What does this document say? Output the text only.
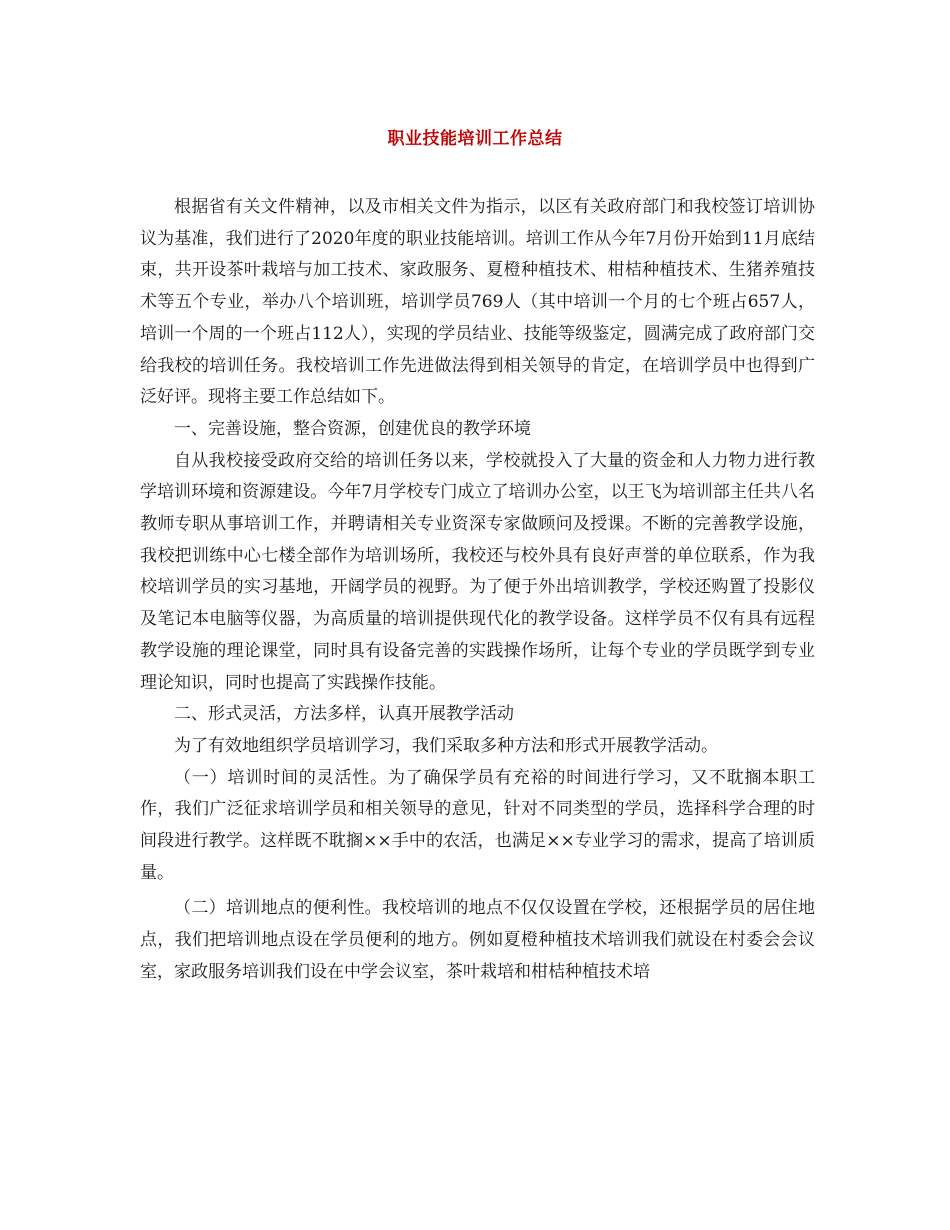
职业技能培训工作总结

根据省有关文件精神，以及市相关文件为指示，以区有关政府部门和我校签订培训协议为基准，我们进行了2020年度的职业技能培训。培训工作从今年7月份开始到11月底结束，共开设茶叶栽培与加工技术、家政服务、夏橙种植技术、柑桔种植技术、生猪养殖技术等五个专业，举办八个培训班，培训学员769人（其中培训一个月的七个班占657人，培训一个周的一个班占112人），实现的学员结业、技能等级鉴定，圆满完成了政府部门交给我校的培训任务。我校培训工作先进做法得到相关领导的肯定，在培训学员中也得到广泛好评。现将主要工作总结如下。

一、完善设施，整合资源，创建优良的教学环境

自从我校接受政府交给的培训任务以来，学校就投入了大量的资金和人力物力进行教学培训环境和资源建设。今年7月学校专门成立了培训办公室，以王飞为培训部主任共八名教师专职从事培训工作，并聘请相关专业资深专家做顾问及授课。不断的完善教学设施，我校把训练中心七楼全部作为培训场所，我校还与校外具有良好声誉的单位联系，作为我校培训学员的实习基地，开阔学员的视野。为了便于外出培训教学，学校还购置了投影仪及笔记本电脑等仪器，为高质量的培训提供现代化的教学设备。这样学员不仅有具有远程教学设施的理论课堂，同时具有设备完善的实践操作场所，让每个专业的学员既学到专业理论知识，同时也提高了实践操作技能。

二、形式灵活，方法多样，认真开展教学活动

为了有效地组织学员培训学习，我们采取多种方法和形式开展教学活动。

（一）培训时间的灵活性。为了确保学员有充裕的时间进行学习，又不耽搁本职工作，我们广泛征求培训学员和相关领导的意见，针对不同类型的学员，选择科学合理的时间段进行教学。这样既不耽搁××手中的农活，也满足××专业学习的需求，提高了培训质量。

（二）培训地点的便利性。我校培训的地点不仅仅设置在学校，还根据学员的居住地点，我们把培训地点设在学员便利的地方。例如夏橙种植技术培训我们就设在村委会会议室，家政服务培训我们设在中学会议室，茶叶栽培和柑桔种植技术培
